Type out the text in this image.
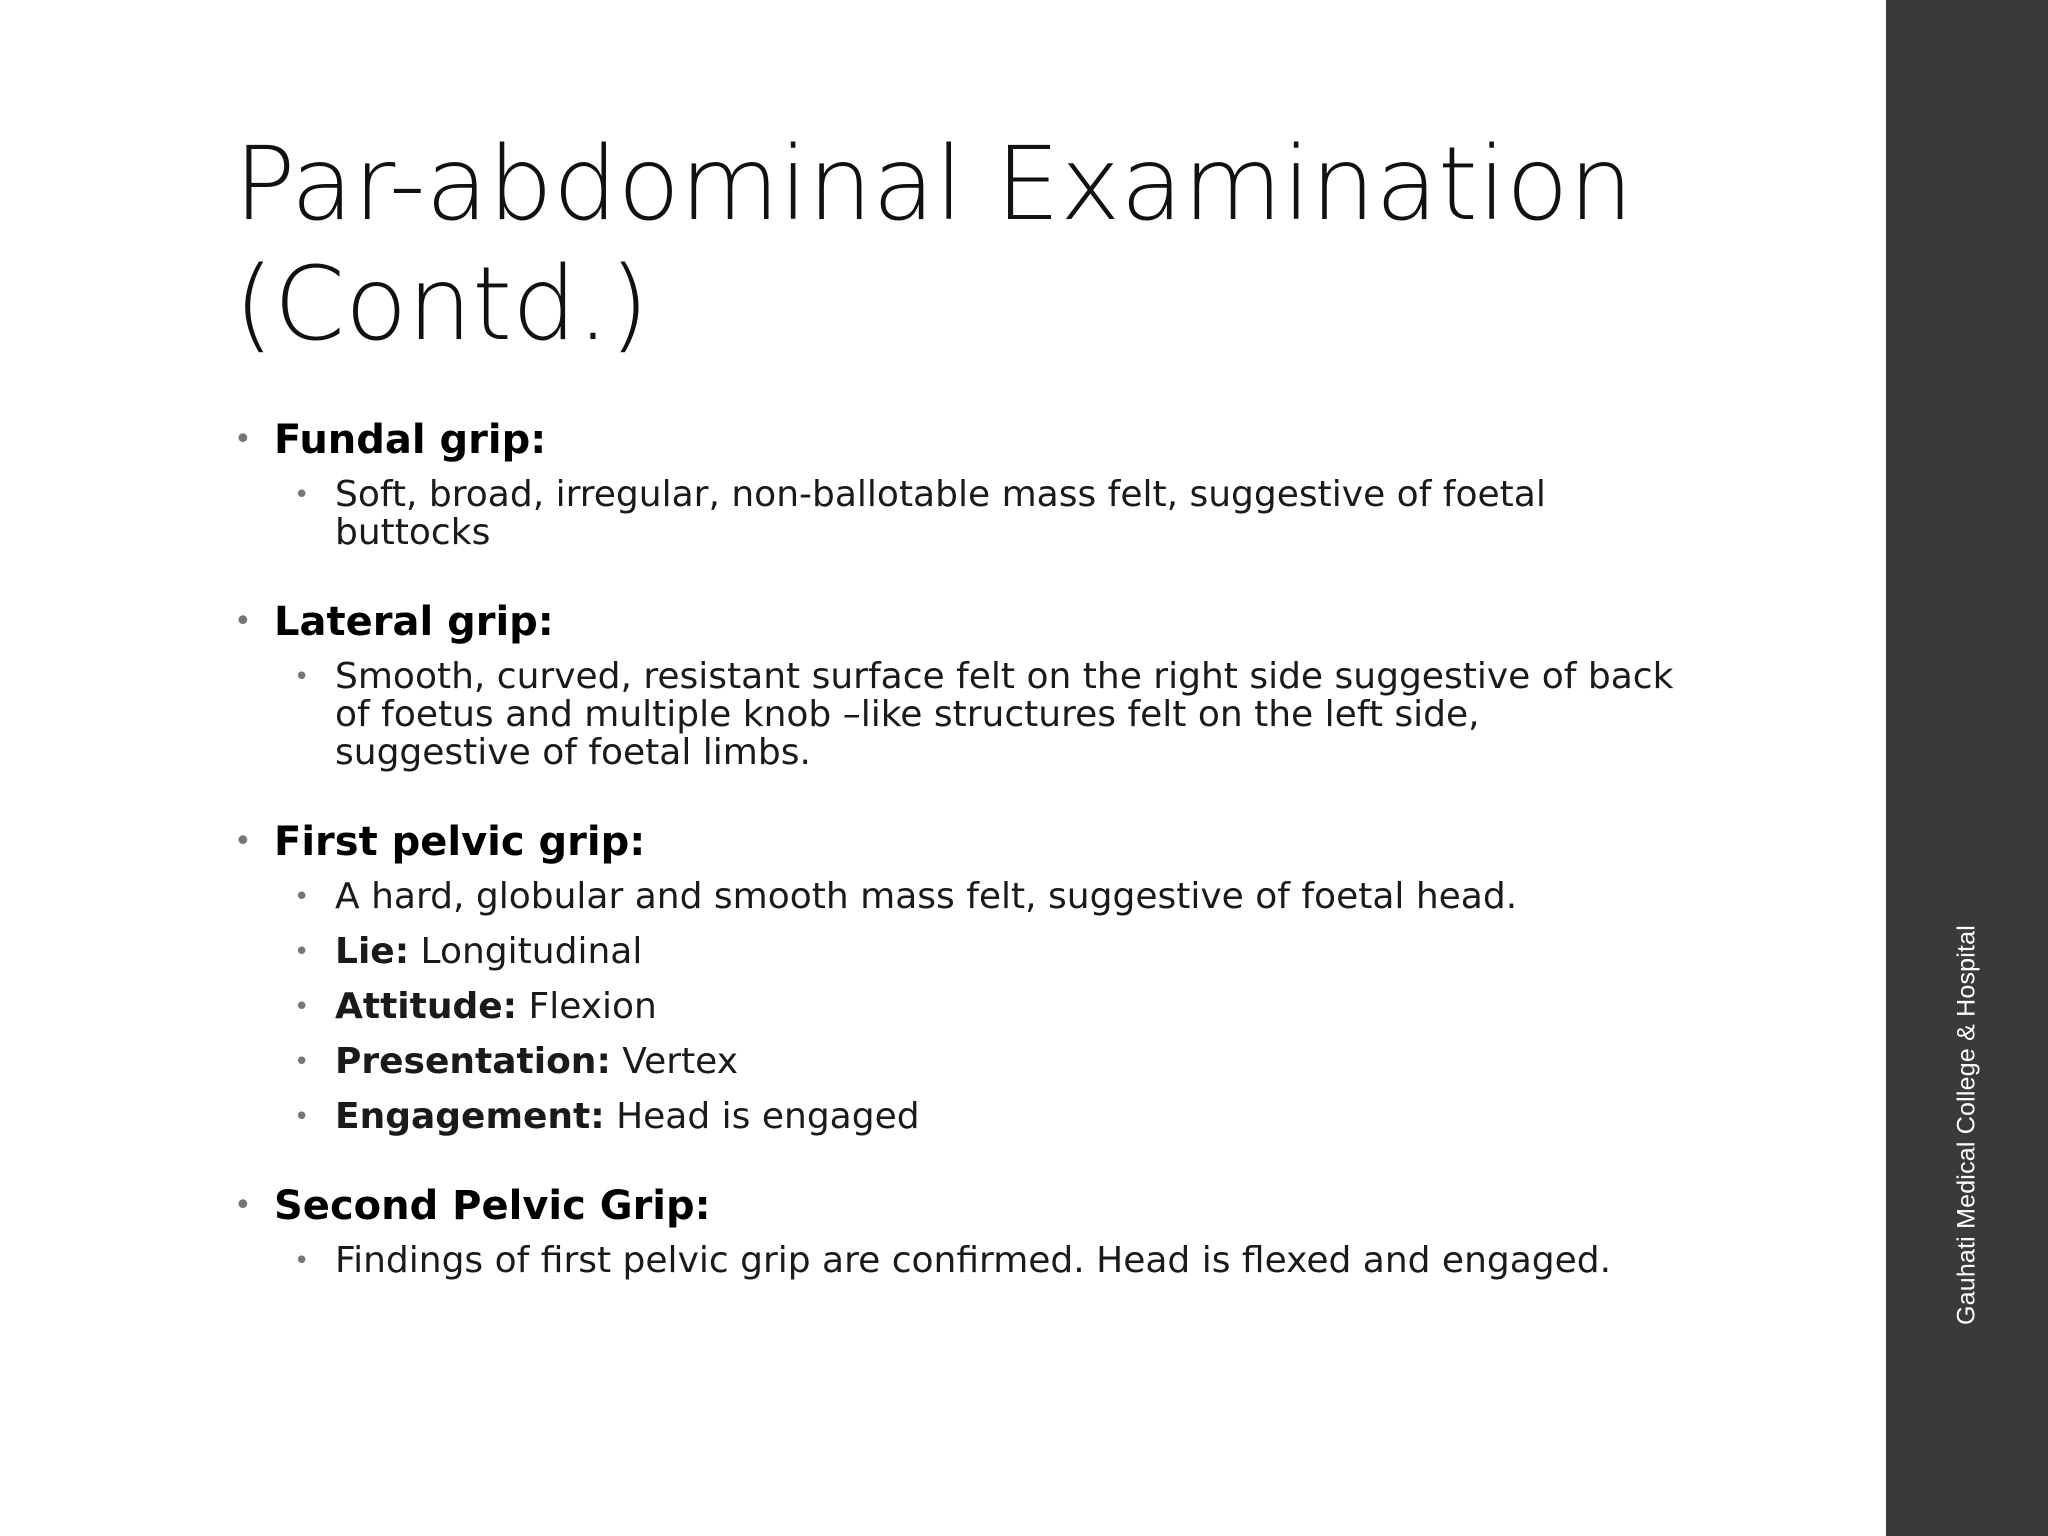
Par-abdominal Examination (Contd.)
• Fundal grip:
• Soft, broad, irregular, non-ballotable mass felt, suggestive of foetal buttocks
• Lateral grip:
• Smooth, curved, resistant surface felt on the right side suggestive of back of foetus and multiple knob –like structures felt on the left side, suggestive of foetal limbs.
• First pelvic grip:
• A hard, globular and smooth mass felt, suggestive of foetal head.
• Lie: Longitudinal
• Attitude: Flexion
• Presentation: Vertex
• Engagement: Head is engaged
• Second Pelvic Grip:
• Findings of first pelvic grip are confirmed. Head is flexed and engaged.	Gauhati Medical College & Hospital
